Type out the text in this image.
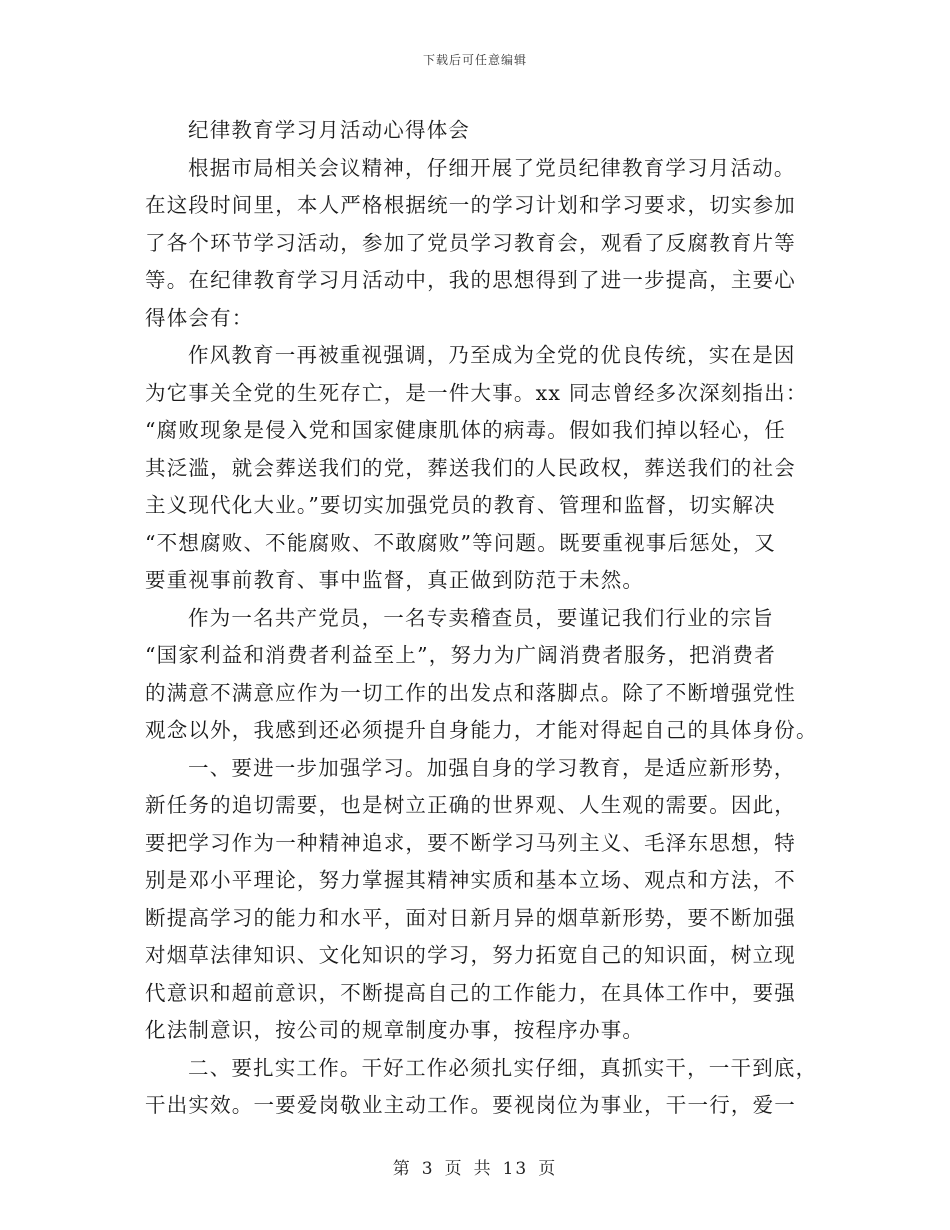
下载后可任意编辑
纪律教育学习月活动心得体会
根据市局相关会议精神，仔细开展了党员纪律教育学习月活动。
在这段时间里，本人严格根据统一的学习计划和学习要求，切实参加
了各个环节学习活动，参加了党员学习教育会，观看了反腐教育片等
等。在纪律教育学习月活动中，我的思想得到了进一步提高，主要心
得体会有：
作风教育一再被重视强调，乃至成为全党的优良传统，实在是因
为它事关全党的生死存亡，是一件大事。xx 同志曾经多次深刻指出：
“腐败现象是侵入党和国家健康肌体的病毒。假如我们掉以轻心，任
其泛滥，就会葬送我们的党，葬送我们的人民政权，葬送我们的社会
主义现代化大业。”要切实加强党员的教育、管理和监督，切实解决
“不想腐败、不能腐败、不敢腐败”等问题。既要重视事后惩处，又
要重视事前教育、事中监督，真正做到防范于未然。
作为一名共产党员，一名专卖稽查员，要谨记我们行业的宗旨
“国家利益和消费者利益至上”，努力为广阔消费者服务，把消费者
的满意不满意应作为一切工作的出发点和落脚点。除了不断增强党性
观念以外，我感到还必须提升自身能力，才能对得起自己的具体身份。
一、要进一步加强学习。加强自身的学习教育，是适应新形势，
新任务的追切需要，也是树立正确的世界观、人生观的需要。因此，
要把学习作为一种精神追求，要不断学习马列主义、毛泽东思想，特
别是邓小平理论，努力掌握其精神实质和基本立场、观点和方法，不
断提高学习的能力和水平，面对日新月异的烟草新形势，要不断加强
对烟草法律知识、文化知识的学习，努力拓宽自己的知识面，树立现
代意识和超前意识，不断提高自己的工作能力，在具体工作中，要强
化法制意识，按公司的规章制度办事，按程序办事。
二、要扎实工作。干好工作必须扎实仔细，真抓实干，一干到底，
干出实效。一要爱岗敬业主动工作。要视岗位为事业，干一行，爱一
第 3 页 共 13 页
